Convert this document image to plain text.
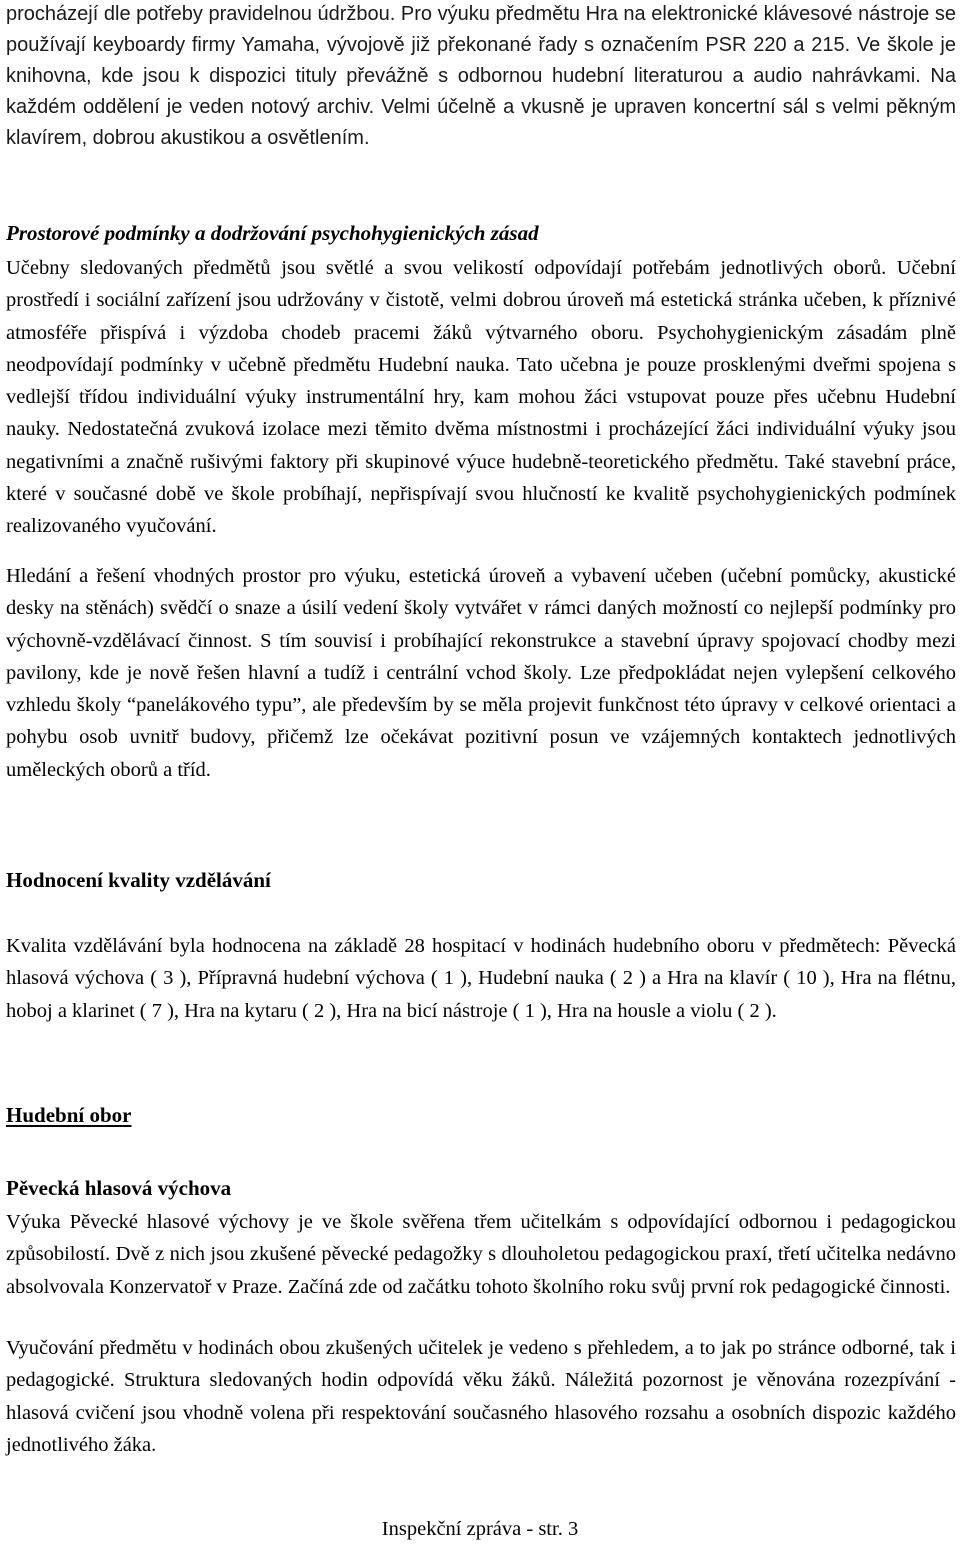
procházejí dle potřeby pravidelnou údržbou. Pro výuku předmětu Hra na elektronické klávesové nástroje se používají keyboardy firmy Yamaha, vývojově již překonané řady s označením PSR 220 a 215. Ve škole je knihovna, kde jsou k dispozici tituly převážně s odbornou hudební literaturou a audio nahrávkami. Na každém oddělení je veden notový archiv. Velmi účelně a vkusně je upraven koncertní sál s velmi pěkným klavírem, dobrou akustikou a osvětlením.

Prostorové podmínky a dodržování psychohygienických zásad

Učebny sledovaných předmětů jsou světlé a svou velikostí odpovídají potřebám jednotlivých oborů. Učební prostředí i sociální zařízení jsou udržovány v čistotě, velmi dobrou úroveň má estetická stránka učeben, k příznivé atmosféře přispívá i výzdoba chodeb pracemi žáků výtvarného oboru. Psychohygienickým zásadám plně neodpovídají podmínky v učebně předmětu Hudební nauka. Tato učebna je pouze prosklenými dveřmi spojena s vedlejší třídou individuální výuky instrumentální hry, kam mohou žáci vstupovat pouze přes učebnu Hudební nauky. Nedostatečná zvuková izolace mezi těmito dvěma místnostmi i procházející žáci individuální výuky jsou negativními a značně rušivými faktory při skupinové výuce hudebně-teoretického předmětu. Také stavební práce, které v současné době ve škole probíhají, nepřispívají svou hlučností ke kvalitě psychohygienických podmínek realizovaného vyučování.

Hledání a řešení vhodných prostor pro výuku, estetická úroveň a vybavení učeben (učební pomůcky, akustické desky na stěnách) svědčí o snaze a úsilí vedení školy vytvářet v rámci daných možností co nejlepší podmínky pro výchovně-vzdělávací činnost. S tím souvisí i probíhající rekonstrukce a stavební úpravy spojovací chodby mezi pavilony, kde je nově řešen hlavní a tudíž i centrální vchod školy. Lze předpokládat nejen vylepšení celkového vzhledu školy “panelákového typu”, ale především by se měla projevit funkčnost této úpravy v celkové orientaci a pohybu osob uvnitř budovy, přičemž lze očekávat pozitivní posun ve vzájemných kontaktech jednotlivých uměleckých oborů a tříd.

Hodnocení kvality vzdělávání

Kvalita vzdělávání byla hodnocena na základě 28 hospitací v hodinách hudebního oboru v předmětech: Pěvecká hlasová výchova ( 3 ), Přípravná hudební výchova ( 1 ), Hudební nauka ( 2 ) a Hra na klavír ( 10 ), Hra na flétnu, hoboj a klarinet ( 7 ), Hra na kytaru ( 2 ), Hra na bicí nástroje ( 1 ), Hra na housle a violu ( 2 ).

Hudební obor
Pěvecká hlasová výchova

Výuka Pěvecké hlasové výchovy je ve škole svěřena třem učitelkám s odpovídající odbornou i pedagogickou způsobilostí. Dvě z nich jsou zkušené pěvecké pedagožky s dlouholetou pedagogickou praxí, třetí učitelka nedávno absolvovala Konzervatoř v Praze. Začíná zde od začátku tohoto školního roku svůj první rok pedagogické činnosti.

Vyučování předmětu v hodinách obou zkušených učitelek je vedeno s přehledem, a to jak po stránce odborné, tak i pedagogické. Struktura sledovaných hodin odpovídá věku žáků. Náležitá pozornost je věnována rozezpívání - hlasová cvičení jsou vhodně volena při respektování současného hlasového rozsahu a osobních dispozic každého jednotlivého žáka.

Inspekční zpráva - str. 3
